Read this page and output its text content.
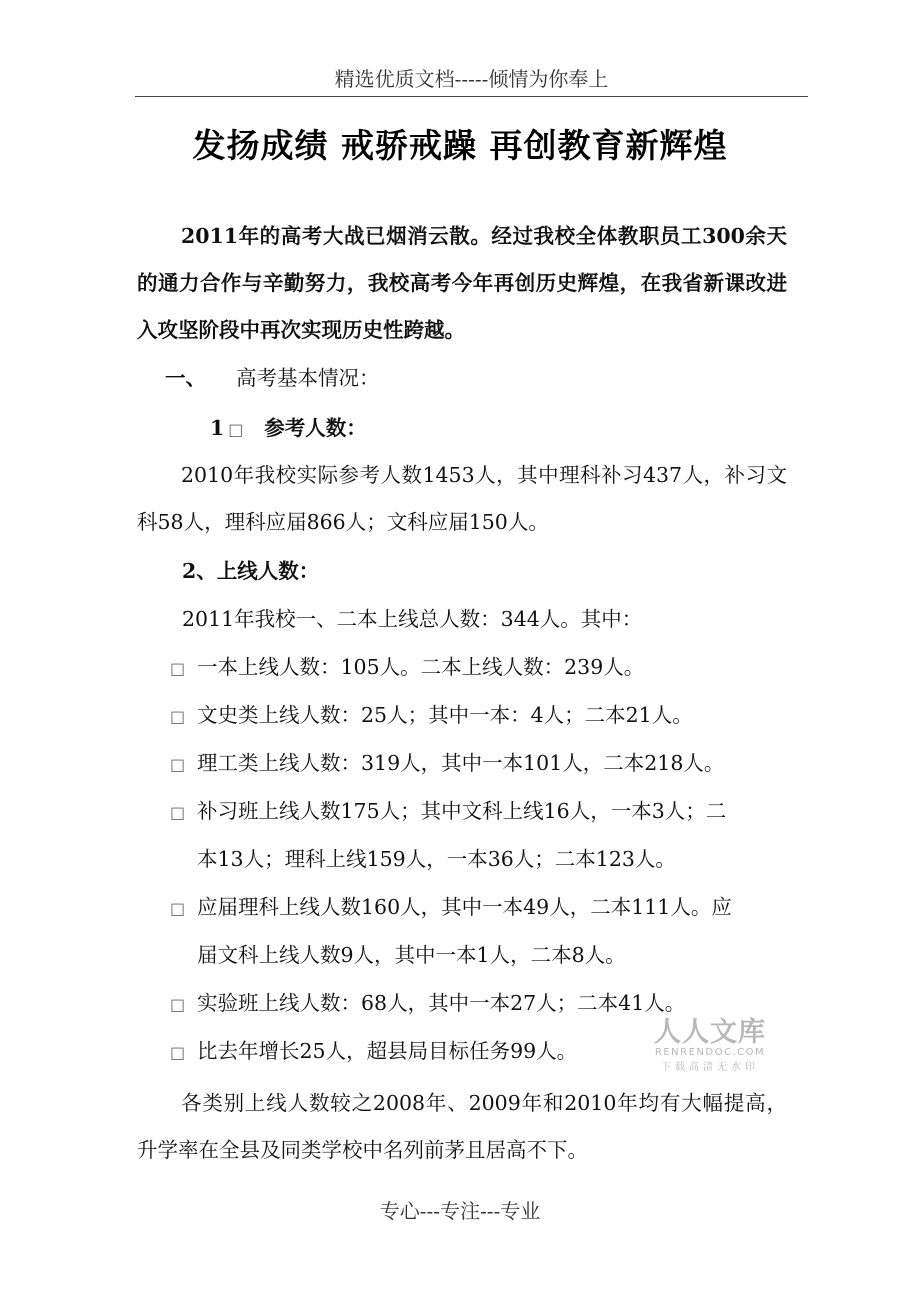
精选优质文档-----倾情为你奉上
发扬成绩 戒骄戒躁 再创教育新辉煌

2011年的高考大战已烟消云散。经过我校全体教职员工300余天的通力合作与辛勤努力，我校高考今年再创历史辉煌，在我省新课改进入攻坚阶段中再次实现历史性跨越。

一、 高考基本情况：
1 □ 参考人数：

2010年我校实际参考人数1453人，其中理科补习437人，补习文科58人，理科应届866人；文科应届150人。

2、上线人数：
2011年我校一、二本上线总人数：344人。其中：
□ 一本上线人数：105人。二本上线人数：239人。
□ 文史类上线人数：25人；其中一本：4人；二本21人。
□ 理工类上线人数：319人，其中一本101人，二本218人。
□ 补习班上线人数175人；其中文科上线16人，一本3人；二
本13人；理科上线159人，一本36人；二本123人。
□ 应届理科上线人数160人，其中一本49人，二本111人。应
届文科上线人数9人，其中一本1人，二本8人。
□ 实验班上线人数：68人，其中一本27人；二本41人。
□ 比去年增长25人，超县局目标任务99人。
人人文库
RENRENDOC.COM
下载高清无水印

各类别上线人数较之2008年、2009年和2010年均有大幅提高，升学率在全县及同类学校中名列前茅且居高不下。

专心---专注---专业
